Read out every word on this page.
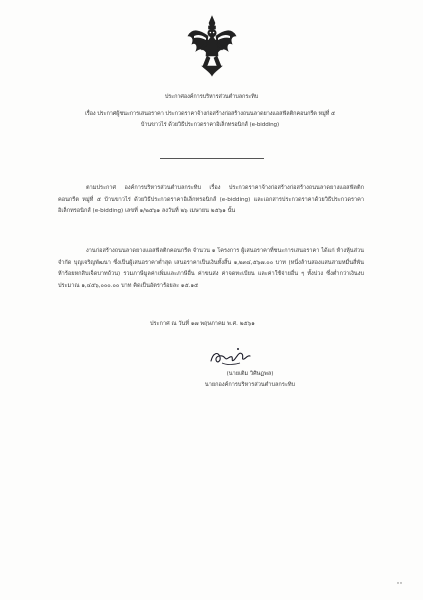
ประกาศองค์การบริหารส่วนตำบลกระทิบ
เรื่อง ประกาศผู้ชนะการเสนอราคา ประกวดราคาจ้างก่อสร้างก่อสร้างถนนลาดยางแอสฟัลติกคอนกรีต หมู่ที่ ๕
บ้านขาวไร่ ด้วยวิธีประกวดราคาอิเล็กทรอนิกส์ (e-bidding)
ตามประกาศ องค์การบริหารส่วนตำบลกระทิบ เรื่อง ประกวดราคาจ้างก่อสร้างก่อสร้างถนนลาดยางแอสฟัลติกคอนกรีต หมู่ที่ ๕ บ้านขาวไร่ ด้วยวิธีประกวดราคาอิเล็กทรอนิกส์ (e-bidding) และเอกสารประกวดราคาด้วยวิธีประกวดราคาอิเล็กทรอนิกส์ (e-bidding) เลขที่ ๑/๒๕๖๑ ลงวันที่ ๒๖ เมษายน ๒๕๖๑ นั้น
งานก่อสร้างถนนลาดยางแอสฟัลติกคอนกรีต จำนวน ๑ โครงการ ผู้เสนอราคาที่ชนะการเสนอราคา ได้แก่ ห้างหุ้นส่วนจำกัด บุญเจริญพัฒนา ซึ่งเป็นผู้เสนอราคาต่ำสุด เสนอราคาเป็นเงินทั้งสิ้น ๑,๒๓๔,๕๖๗.๐๐ บาท (หนึ่งล้านสองแสนสามหมื่นสี่พันห้าร้อยหกสิบเจ็ดบาทถ้วน) รวมภาษีมูลค่าเพิ่มและภาษีอื่น ค่าขนส่ง ค่าจดทะเบียน และค่าใช้จ่ายอื่น ๆ ทั้งปวง ซึ่งต่ำกว่าเงินงบประมาณ ๑,๔๕๖,๐๐๐.๐๐ บาท คิดเป็นอัตราร้อยละ ๑๕.๑๕
ประกาศ ณ วันที่ ๑๗ พฤษภาคม พ.ศ. ๒๕๖๑
(นายเติม วิศิษฏพล)
นายกองค์การบริหารส่วนตำบลกระทิบ
